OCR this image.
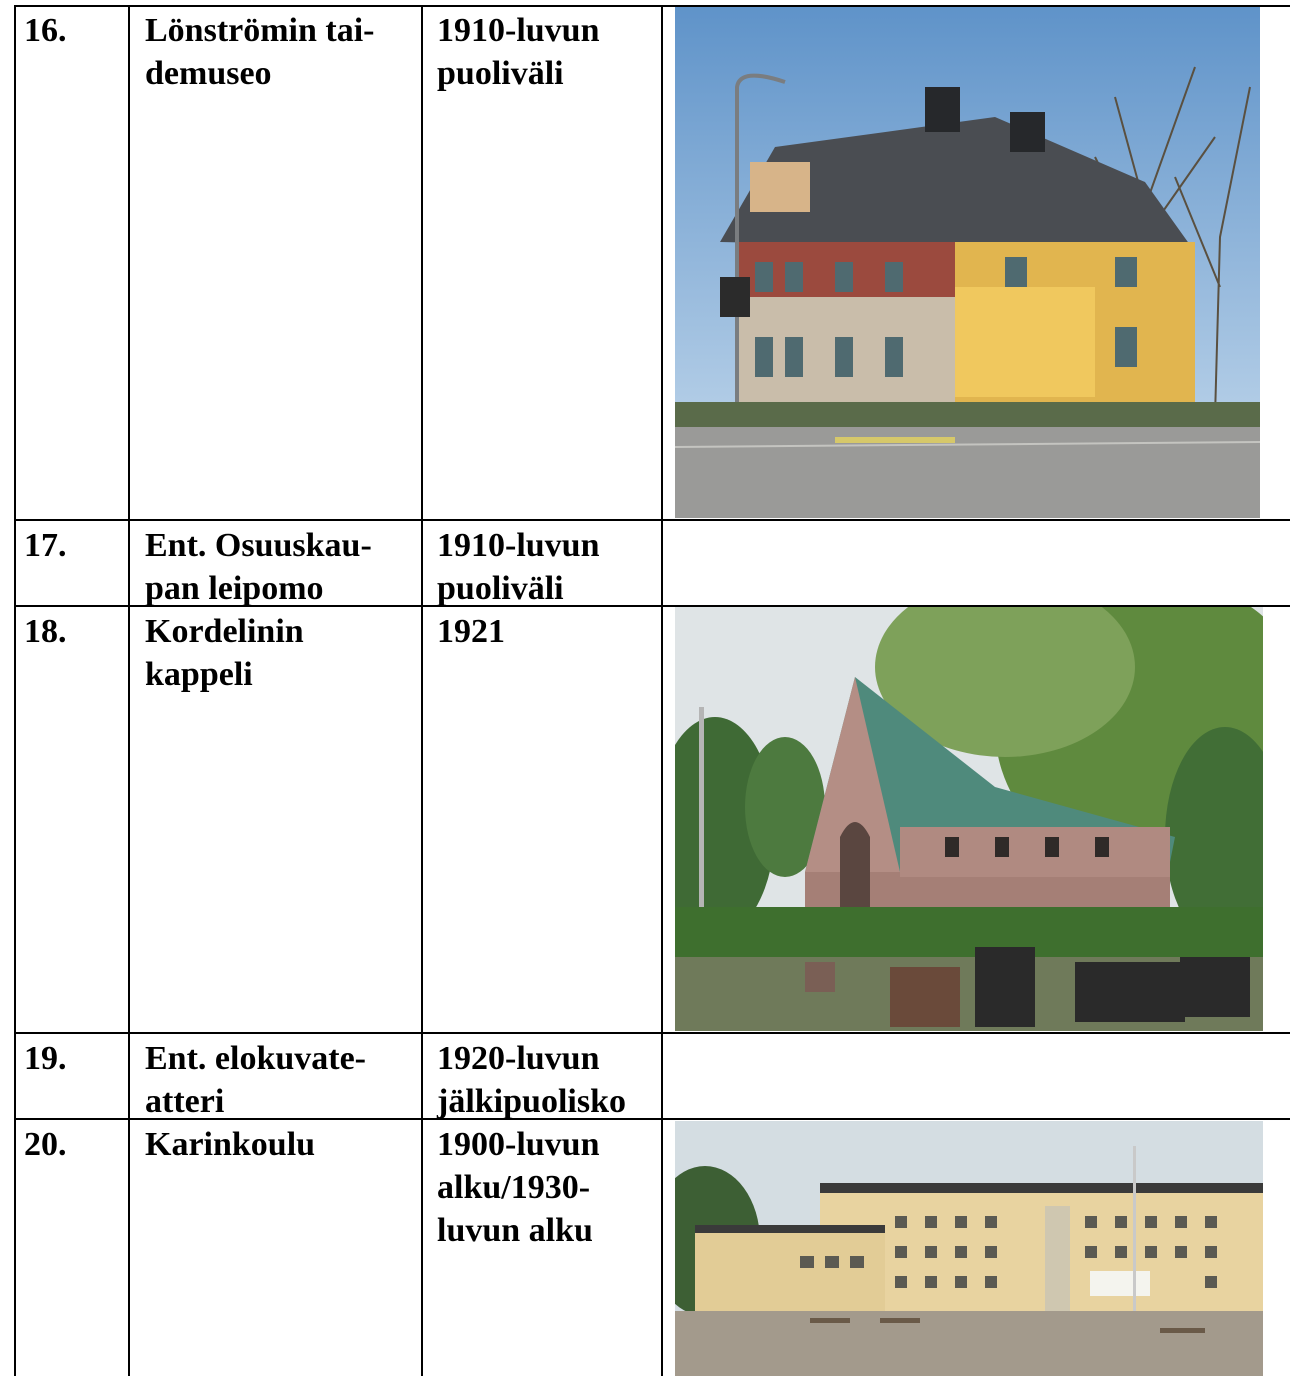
16. Lönströmin tai-
demuseo

1910-luvun
puoliväli

17. Ent. Osuuskau-
pan leipomo

1910-luvun
puoliväli

18. Kordelinin
kappeli

1921

19. Ent. elokuvate-
atteri

1920-luvun
jälkipuolisko

20. Karinkoulu	1900-luvun
alku/1930-
luvun alku
